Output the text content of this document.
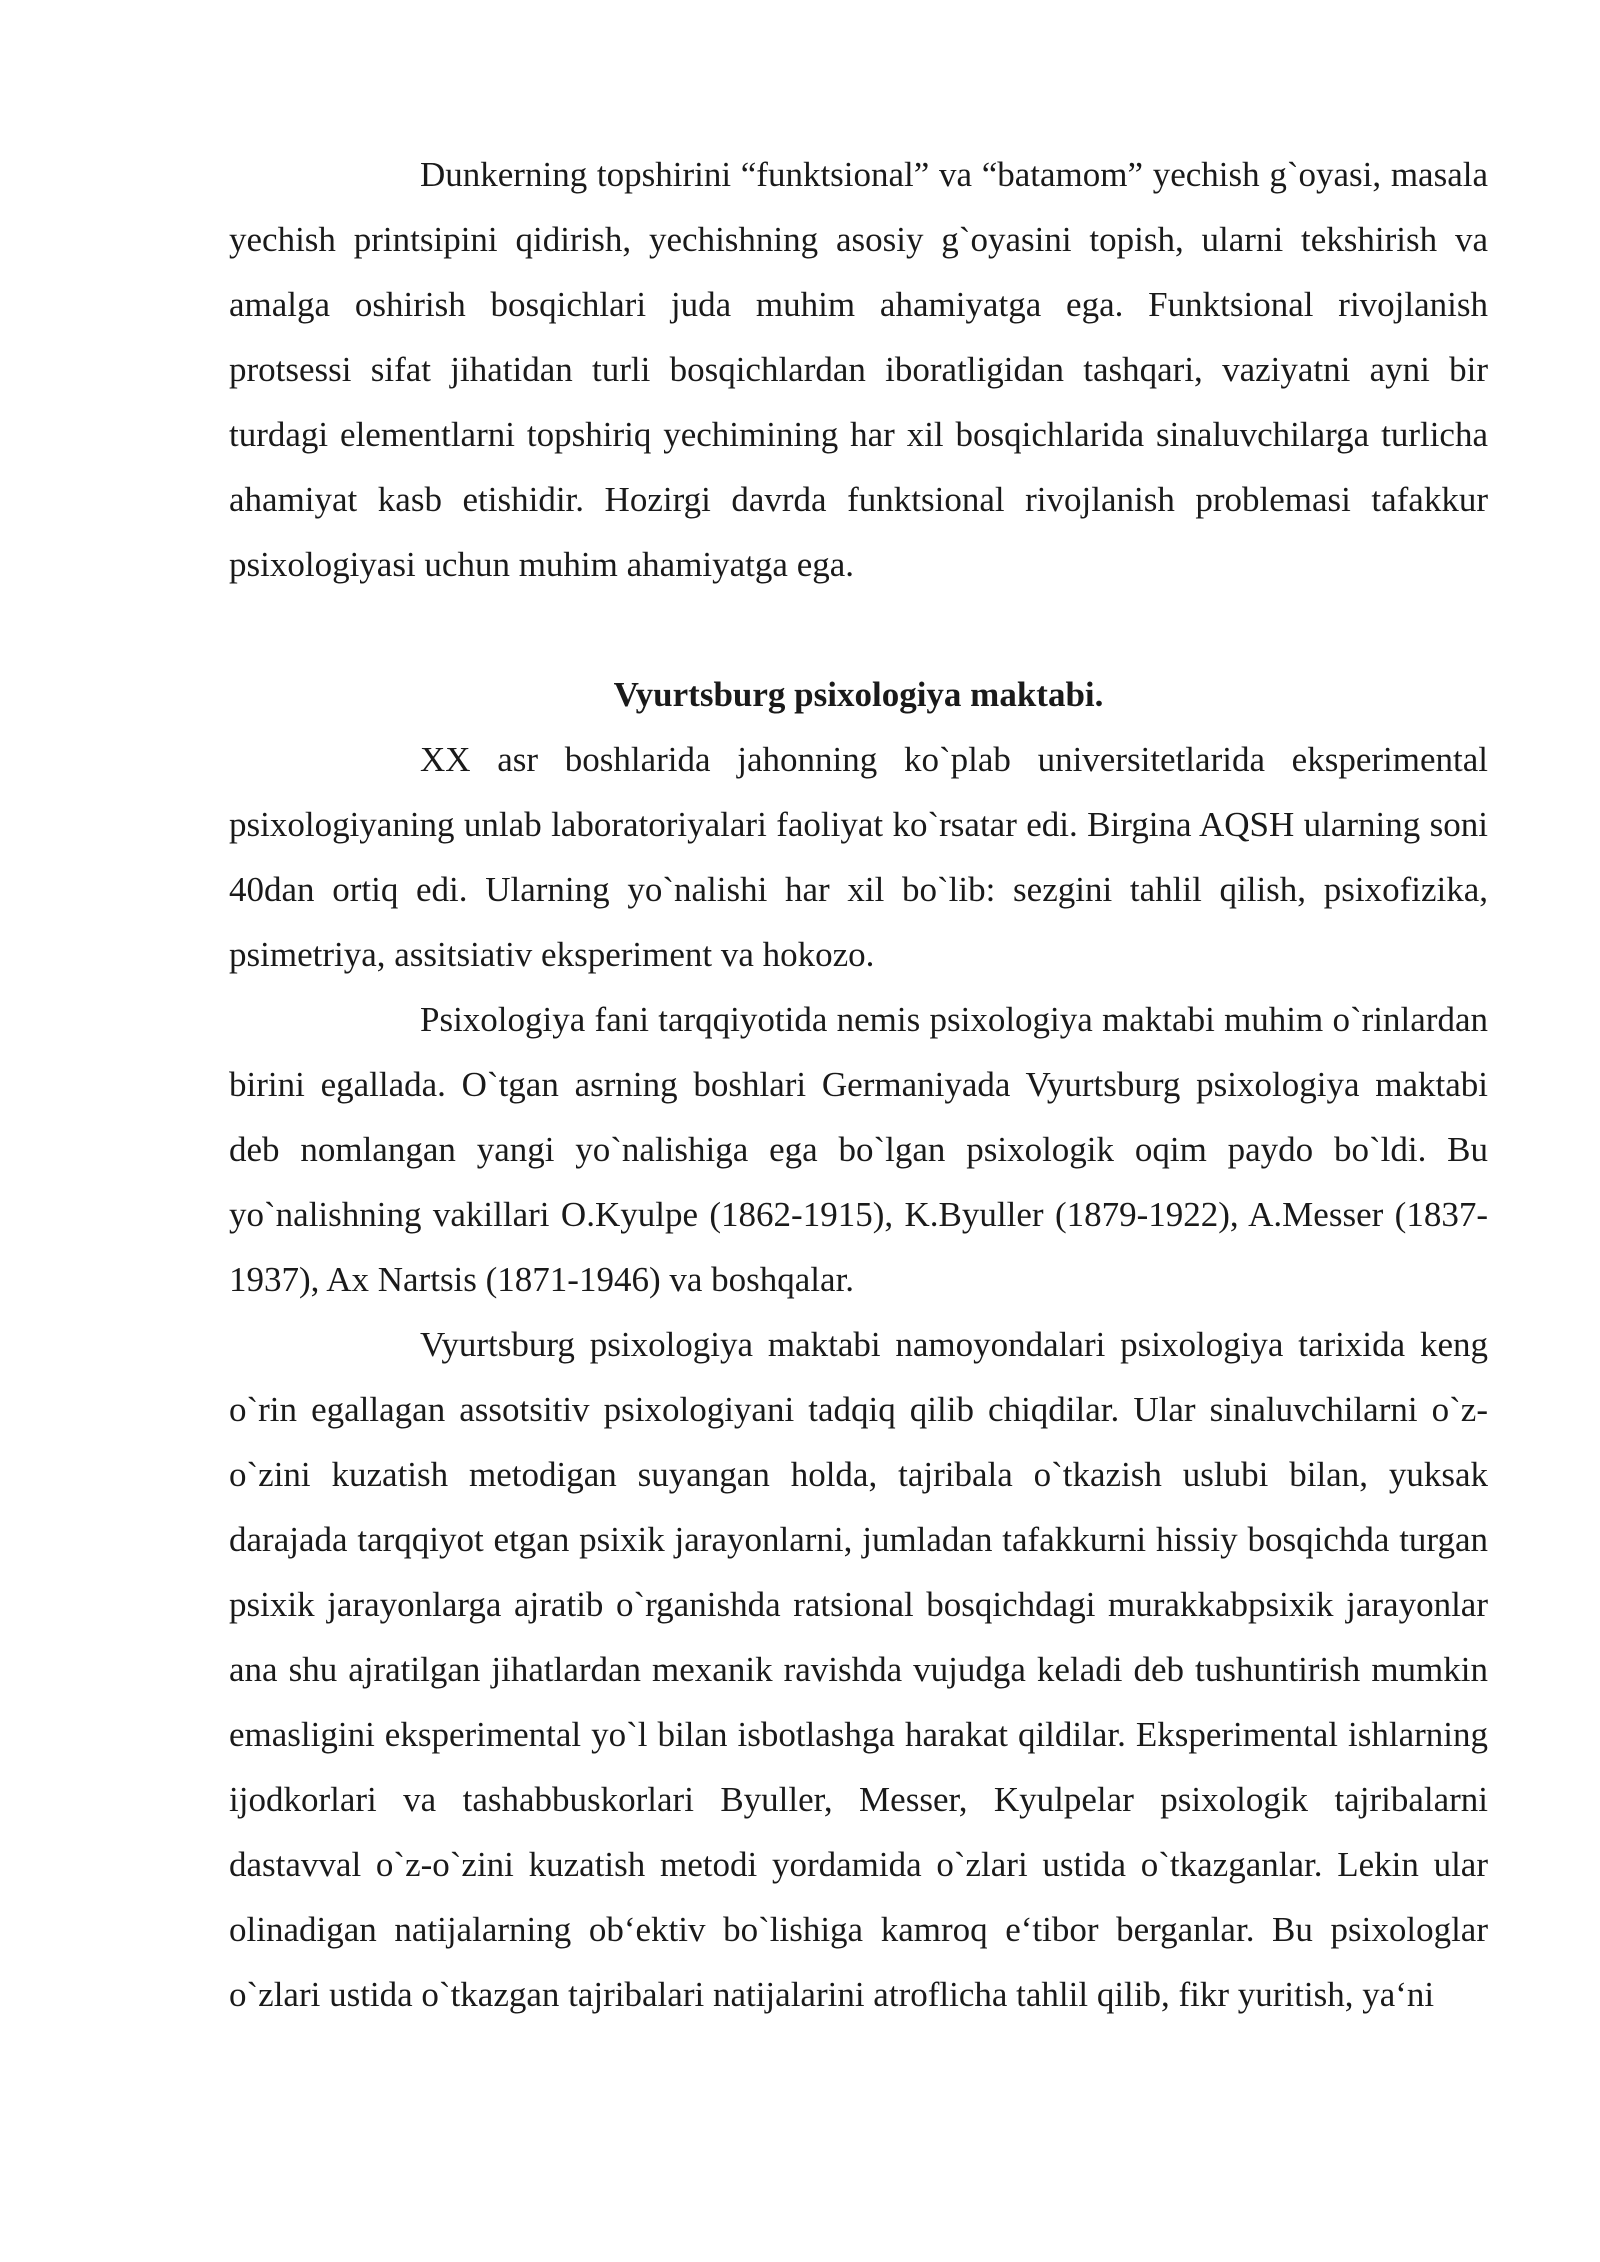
Dunkerning topshirini “funktsional” va “batamom” yechish g`oyasi, masala yechish printsipini qidirish, yechishning asosiy g`oyasini topish, ularni tekshirish va amalga oshirish bosqichlari juda muhim ahamiyatga ega. Funktsional rivojlanish protsessi sifat jihatidan turli bosqichlardan iboratligidan tashqari, vaziyatni ayni bir turdagi elementlarni topshiriq yechimining har xil bosqichlarida sinaluvchilarga turlicha ahamiyat kasb etishidir. Hozirgi davrda funktsional rivojlanish problemasi tafakkur psixologiyasi uchun muhim ahamiyatga ega.

Vyurtsburg psixologiya maktabi.

XX asr boshlarida jahonning ko`plab universitetlarida eksperimental psixologiyaning unlab laboratoriyalari faoliyat ko`rsatar edi. Birgina AQSH ularning soni 40dan ortiq edi. Ularning yo`nalishi har xil bo`lib: sezgini tahlil qilish, psixofizika, psimetriya, assitsiativ eksperiment va hokozo.

Psixologiya fani tarqqiyotida nemis psixologiya maktabi muhim o`rinlardan birini egallada. O`tgan asrning boshlari Germaniyada Vyurtsburg psixologiya maktabi deb nomlangan yangi yo`nalishiga ega bo`lgan psixologik oqim paydo bo`ldi. Bu yo`nalishning vakillari O.Kyulpe (1862-1915), K.Byuller (1879-1922), A.Messer (1837-1937), Ax Nartsis (1871-1946) va boshqalar.

Vyurtsburg psixologiya maktabi namoyondalari psixologiya tarixida keng o`rin egallagan assotsitiv psixologiyani tadqiq qilib chiqdilar. Ular sinaluvchilarni o`z-o`zini kuzatish metodigan suyangan holda, tajribala o`tkazish uslubi bilan, yuksak darajada tarqqiyot etgan psixik jarayonlarni, jumladan tafakkurni hissiy bosqichda turgan psixik jarayonlarga ajratib o`rganishda ratsional bosqichdagi murakkabpsixik jarayonlar ana shu ajratilgan jihatlardan mexanik ravishda vujudga keladi deb tushuntirish mumkin emasligini eksperimental yo`l bilan isbotlashga harakat qildilar. Eksperimental ishlarning ijodkorlari va tashabbuskorlari Byuller, Messer, Kyulpelar psixologik tajribalarni dastavval o`z-o`zini kuzatish metodi yordamida o`zlari ustida o`tkazganlar. Lekin ular olinadigan natijalarning ob‘ektiv bo`lishiga kamroq e‘tibor berganlar. Bu psixologlar o`zlari ustida o`tkazgan tajribalari natijalarini atroflicha tahlil qilib, fikr yuritish, ya‘ni
